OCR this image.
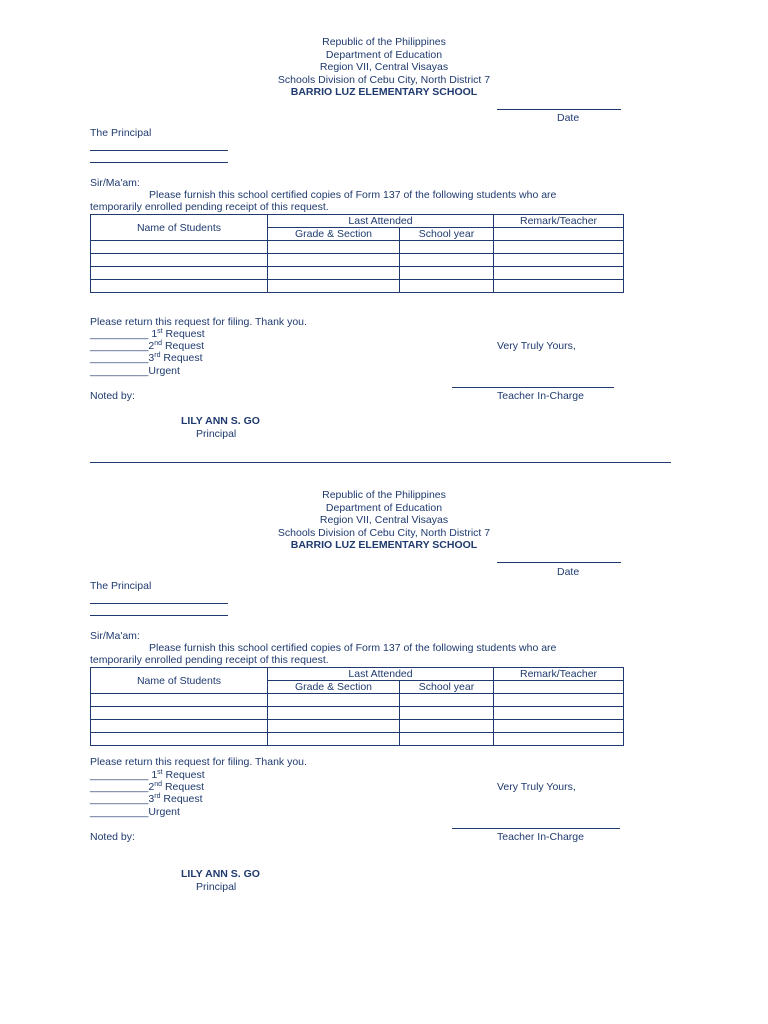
Republic of the Philippines
Department of Education
Region VII, Central Visayas
Schools Division of Cebu City, North District 7
BARRIO LUZ ELEMENTARY SCHOOL
Date
The Principal
Sir/Ma'am:
Please furnish this school certified copies of Form 137 of the following students who are
temporarily enrolled pending receipt of this request.
Name of Students	Last Attended		Remark/Teacher
	Grade & Section	School year	

Please return this request for filing. Thank you.
__________ 1st Request
__________2nd Request
__________3rd Request
__________Urgent
Very Truly Yours,
Teacher In-Charge
Noted by:
LILY ANN S. GO
Principal
Republic of the Philippines
Department of Education
Region VII, Central Visayas
Schools Division of Cebu City, North District 7
BARRIO LUZ ELEMENTARY SCHOOL
Date
The Principal
Sir/Ma'am:
Please furnish this school certified copies of Form 137 of the following students who are
temporarily enrolled pending receipt of this request.
Name of Students	Last Attended		Remark/Teacher
	Grade & Section	School year	

Please return this request for filing. Thank you.
__________ 1st Request
__________2nd Request
__________3rd Request
__________Urgent
Very Truly Yours,
Teacher In-Charge
Noted by:
LILY ANN S. GO
Principal
